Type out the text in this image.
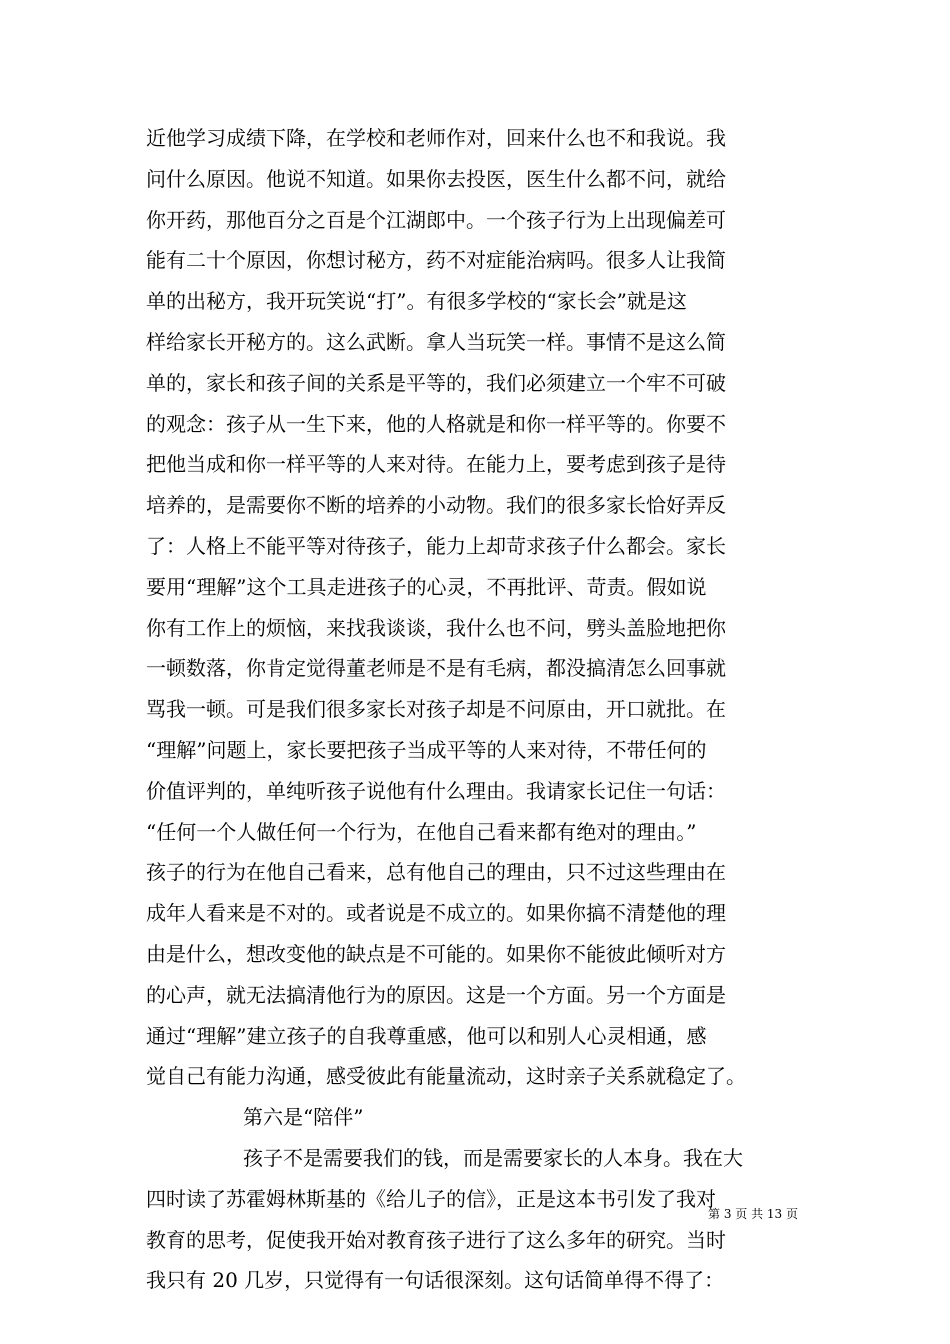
近他学习成绩下降，在学校和老师作对，回来什么也不和我说。我
问什么原因。他说不知道。如果你去投医，医生什么都不问，就给
你开药，那他百分之百是个江湖郎中。一个孩子行为上出现偏差可
能有二十个原因，你想讨秘方，药不对症能治病吗。很多人让我简
单的出秘方，我开玩笑说“打”。有很多学校的“家长会”就是这
样给家长开秘方的。这么武断。拿人当玩笑一样。事情不是这么简
单的，家长和孩子间的关系是平等的，我们必须建立一个牢不可破
的观念：孩子从一生下来，他的人格就是和你一样平等的。你要不
把他当成和你一样平等的人来对待。在能力上，要考虑到孩子是待
培养的，是需要你不断的培养的小动物。我们的很多家长恰好弄反
了：人格上不能平等对待孩子，能力上却苛求孩子什么都会。家长
要用“理解”这个工具走进孩子的心灵，不再批评、苛责。假如说
你有工作上的烦恼，来找我谈谈，我什么也不问，劈头盖脸地把你
一顿数落，你肯定觉得董老师是不是有毛病，都没搞清怎么回事就
骂我一顿。可是我们很多家长对孩子却是不问原由，开口就批。在
“理解”问题上，家长要把孩子当成平等的人来对待，不带任何的
价值评判的，单纯听孩子说他有什么理由。我请家长记住一句话：
“任何一个人做任何一个行为，在他自己看来都有绝对的理由。”
孩子的行为在他自己看来，总有他自己的理由，只不过这些理由在
成年人看来是不对的。或者说是不成立的。如果你搞不清楚他的理
由是什么，想改变他的缺点是不可能的。如果你不能彼此倾听对方
的心声，就无法搞清他行为的原因。这是一个方面。另一个方面是
通过“理解”建立孩子的自我尊重感，他可以和别人心灵相通，感
觉自己有能力沟通，感受彼此有能量流动，这时亲子关系就稳定了。
第六是“陪伴”
孩子不是需要我们的钱，而是需要家长的人本身。我在大
四时读了苏霍姆林斯基的《给儿子的信》，正是这本书引发了我对
教育的思考，促使我开始对教育孩子进行了这么多年的研究。当时
我只有 20 几岁，只觉得有一句话很深刻。这句话简单得不得了：
第 3 页 共 13 页
